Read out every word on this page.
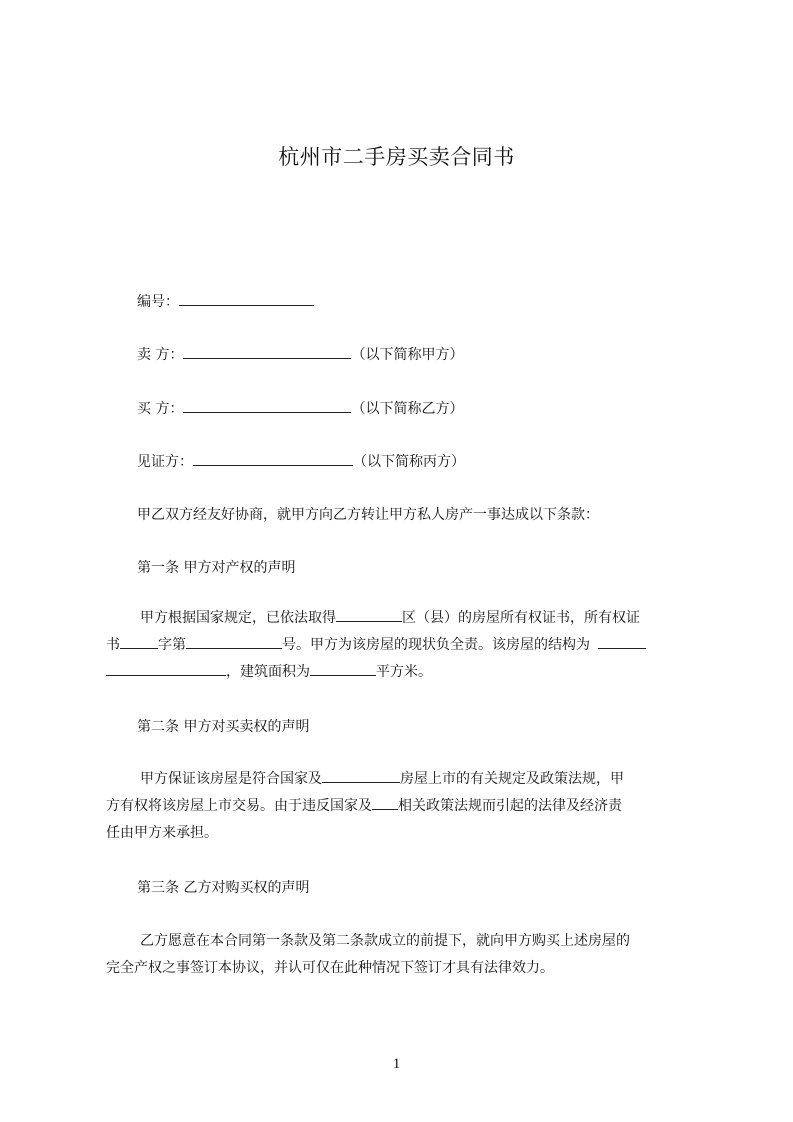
杭州市二手房买卖合同书
编号：
卖 方：	（以下简称甲方）
买 方：	（以下简称乙方）
见证方：	（以下简称丙方）
甲乙双方经友好协商，就甲方向乙方转让甲方私人房产一事达成以下条款：
第一条 甲方对产权的声明
甲方根据国家规定，已依法取得	区（县）的房屋所有权证书，所有权证
书	字第	号。甲方为该房屋的现状负全责。该房屋的结构为
，建筑面积为	平方米。
第二条 甲方对买卖权的声明
甲方保证该房屋是符合国家及	房屋上市的有关规定及政策法规，甲
方有权将该房屋上市交易。由于违反国家及 相关政策法规而引起的法律及经济责
任由甲方来承担。
第三条 乙方对购买权的声明
乙方愿意在本合同第一条款及第二条款成立的前提下，就向甲方购买上述房屋的
完全产权之事签订本协议，并认可仅在此种情况下签订才具有法律效力。
1
